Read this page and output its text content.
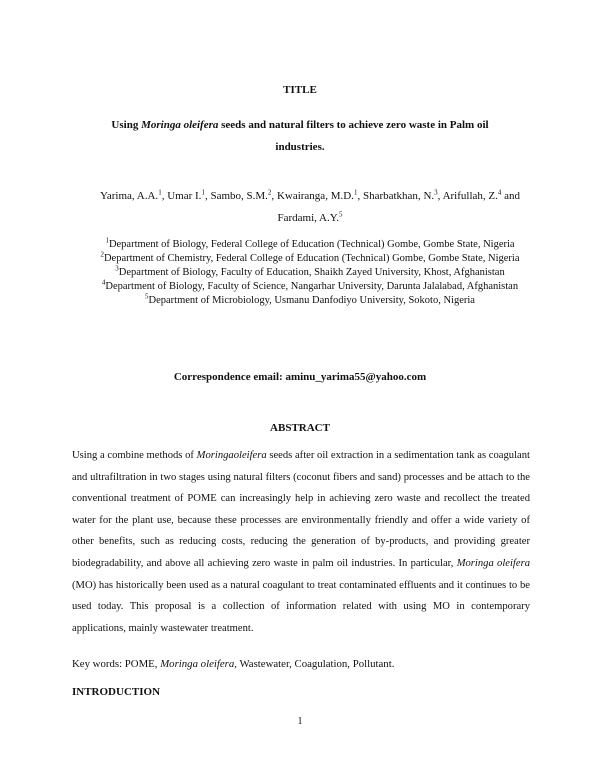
TITLE
Using Moringa oleifera seeds and natural filters to achieve zero waste in Palm oil industries.
Yarima, A.A.$^1$, Umar I.$^1$, Sambo, S.M.$^2$, Kwairanga, M.D.$^1$, Sharbatkhan, N.$^3$, Arifullah, Z.$^4$ and Fardami, A.Y.$^5$
$^1$Department of Biology, Federal College of Education (Technical) Gombe, Gombe State, Nigeria
$^2$Department of Chemistry, Federal College of Education (Technical) Gombe, Gombe State, Nigeria
$^3$Department of Biology, Faculty of Education, Shaikh Zayed University, Khost, Afghanistan
$^4$Department of Biology, Faculty of Science, Nangarhar University, Darunta Jalalabad, Afghanistan
$^5$Department of Microbiology, Usmanu Danfodiyo University, Sokoto, Nigeria
Correspondence email: aminu_yarima55@yahoo.com
ABSTRACT
Using a combine methods of Moringaoleifera seeds after oil extraction in a sedimentation tank as coagulant and ultrafiltration in two stages using natural filters (coconut fibers and sand) processes and be attach to the conventional treatment of POME can increasingly help in achieving zero waste and recollect the treated water for the plant use, because these processes are environmentally friendly and offer a wide variety of other benefits, such as reducing costs, reducing the generation of by-products, and providing greater biodegradability, and above all achieving zero waste in palm oil industries. In particular, Moringa oleifera (MO) has historically been used as a natural coagulant to treat contaminated effluents and it continues to be used today. This proposal is a collection of information related with using MO in contemporary applications, mainly wastewater treatment.
Key words: POME, Moringa oleifera, Wastewater, Coagulation, Pollutant.
INTRODUCTION
1
